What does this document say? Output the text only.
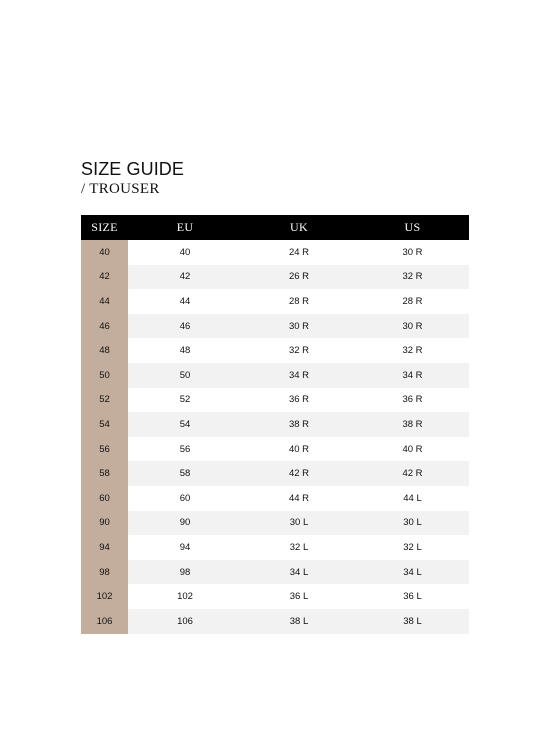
SIZE GUIDE

/ TROUSER

SIZE	EU	UK	US
40	40	24 R	30 R
42	42	26 R	32 R
44	44	28 R	28 R
46	46	30 R	30 R
48	48	32 R	32 R
50	50	34 R	34 R
52	52	36 R	36 R
54	54	38 R	38 R
56	56	40 R	40 R
58	58	42 R	42 R
60	60	44 R	44 L
90	90	30 L	30 L
94	94	32 L	32 L
98	98	34 L	34 L
102	102	36 L	36 L
106	106	38 L	38 L
